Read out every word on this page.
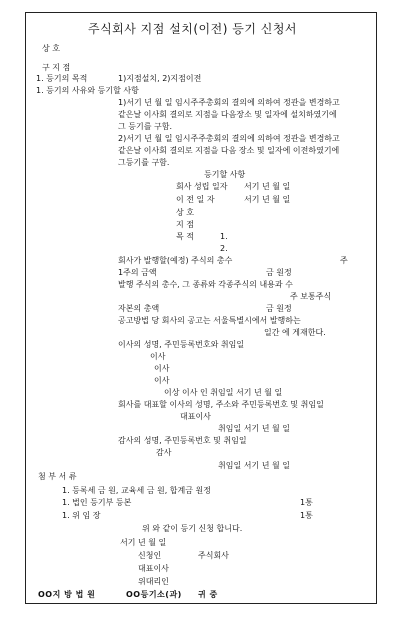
주식회사 지점 설치(이전) 등기 신청서
상 호
구 지 점
1. 등기의 목적	1)지점설치, 2)지점이전
1. 등기의 사유와 등기할 사항
1)서기 년 월 일 임시주주총회의 결의에 의하여 정관을 변경하고
같은날 이사회 결의로 지점을 다음장소 및 일자에 설치하였기에
그 등기를 구함.
2)서기 년 월 일 임시주주총회의 결의에 의하여 정관을 변경하고
같은날 이사회 결의로 지점을 다음 장소 및 일자에 이전하였기에
그등기를 구함.
등기할 사항
회사 성립 일자 서기 년 월 일
이 전 일 자	서기 년 월 일
상 호
지 점
목 적	1.
2.
회사가 발행할(예정) 주식의 총수	주
1주의 금액	금 원정
발행 주식의 총수, 그 종류와 각종주식의 내용과 수
주 보통주식
자본의 총액	금 원정
공고방법 당 회사의 공고는 서울특별시에서 발행하는
일간 에 게재한다.
이사의 성명, 주민등록번호와 취임일
이사
이사
이사
이상 이사 인 취임일 서기 년 월 일
회사를 대표할 이사의 성명, 주소와 주민등록번호 및 취임일
대표이사
취임일 서기 년 월 일
감사의 성명, 주민등록번호 및 취임일
감사
취임일 서기 년 월 일
첨 부 서 류
1. 등록세 금 원, 교육세 금 원, 합계금 원정
1. 법인 등기부 등본	1통
1. 위 임 장	1통
위 와 같이 등기 신청 합니다.
서기 년 월 일
신청인	주식회사
대표이사
위대리인
OO지 방 법 원	OO등기소(과) 귀 중
